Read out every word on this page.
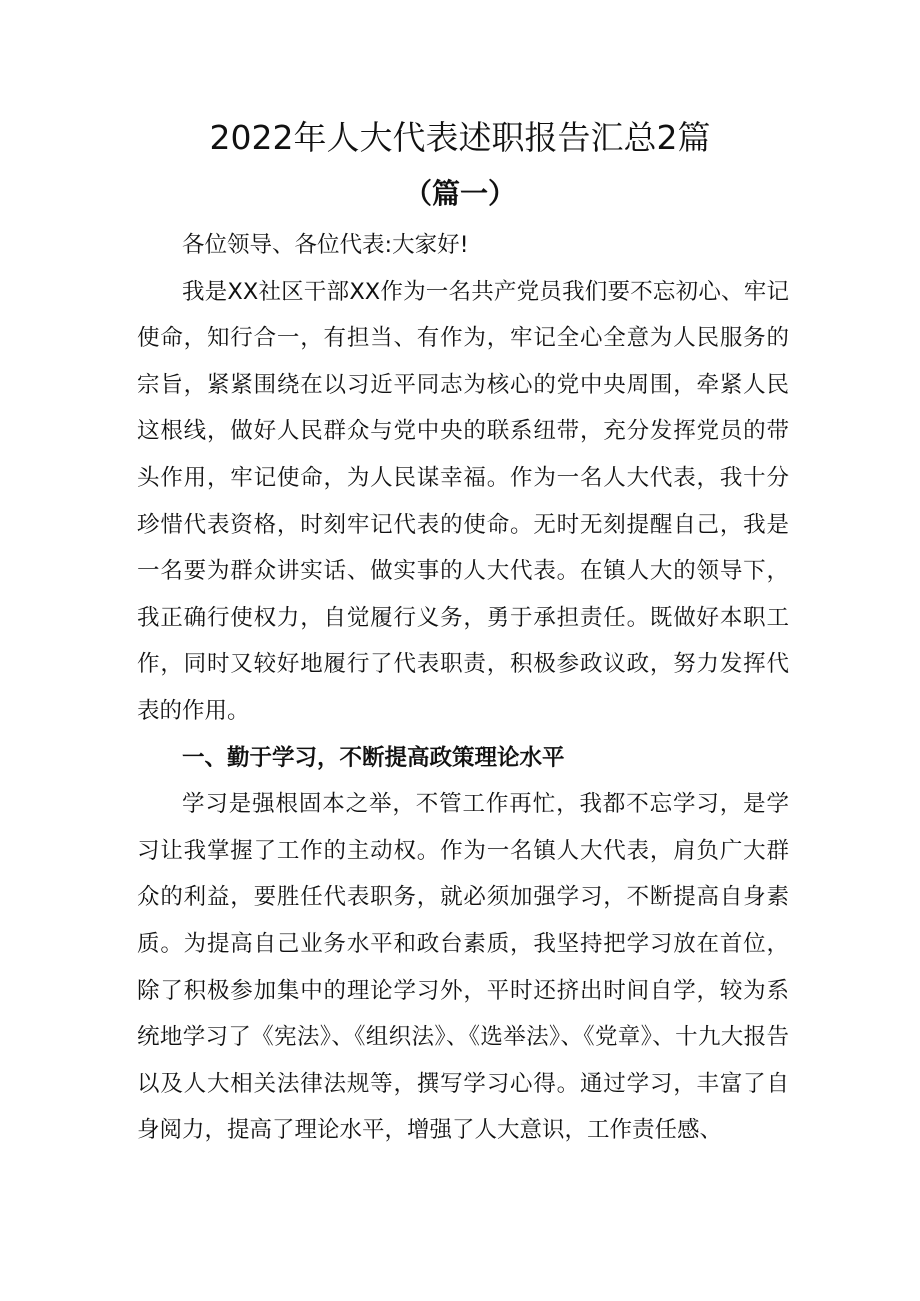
2022年人大代表述职报告汇总2篇
（篇一）

各位领导、各位代表:大家好!

我是XX社区干部XX作为一名共产党员我们要不忘初心、牢记使命，知行合一，有担当、有作为，牢记全心全意为人民服务的宗旨，紧紧围绕在以习近平同志为核心的党中央周围，牵紧人民这根线，做好人民群众与党中央的联系纽带，充分发挥党员的带头作用，牢记使命，为人民谋幸福。作为一名人大代表，我十分珍惜代表资格，时刻牢记代表的使命。无时无刻提醒自己，我是一名要为群众讲实话、做实事的人大代表。在镇人大的领导下，我正确行使权力，自觉履行义务，勇于承担责任。既做好本职工作，同时又较好地履行了代表职责，积极参政议政，努力发挥代表的作用。

一、勤于学习，不断提高政策理论水平

学习是强根固本之举，不管工作再忙，我都不忘学习，是学习让我掌握了工作的主动权。作为一名镇人大代表，肩负广大群众的利益，要胜任代表职务，就必须加强学习，不断提高自身素质。为提高自己业务水平和政台素质，我坚持把学习放在首位，除了积极参加集中的理论学习外，平时还挤出时间自学，较为系统地学习了《宪法》、《组织法》、《选举法》、《党章》、十九大报告以及人大相关法律法规等，撰写学习心得。通过学习，丰富了自身阅力，提高了理论水平，增强了人大意识，工作责任感、
